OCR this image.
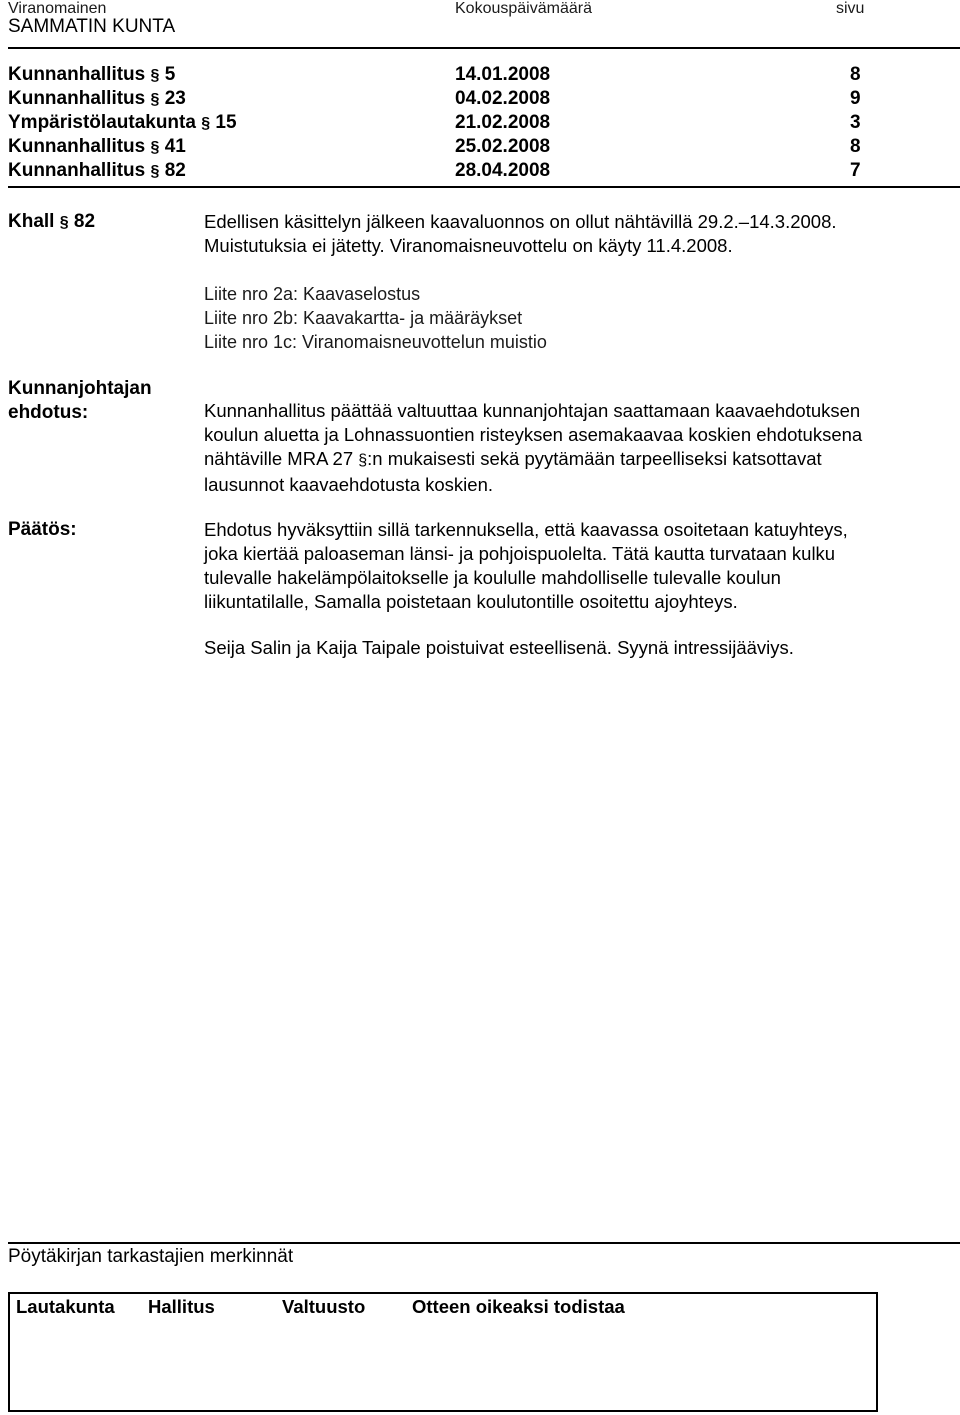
Viranomainen	Kokouspäivämäärä	sivu
SAMMATIN KUNTA
Kunnanhallitus § 5	14.01.2008	8
Kunnanhallitus § 23	04.02.2008	9
Ympäristölautakunta § 15	21.02.2008	3
Kunnanhallitus § 41	25.02.2008	8
Kunnanhallitus § 82	28.04.2008	7
Khall § 82	Edellisen käsittelyn jälkeen kaavaluonnos on ollut nähtävillä 29.2.–14.3.2008.
Muistutuksia ei jätetty. Viranomaisneuvottelu on käyty 11.4.2008.
Liite nro 2a: Kaavaselostus
Liite nro 2b: Kaavakartta- ja määräykset
Liite nro 1c: Viranomaisneuvottelun muistio
Kunnanjohtajan
ehdotus:	Kunnanhallitus päättää valtuuttaa kunnanjohtajan saattamaan kaavaehdotuksen
koulun aluetta ja Lohnassuontien risteyksen asemakaavaa koskien ehdotuksena
nähtäville MRA 27 §:n mukaisesti sekä pyytämään tarpeelliseksi katsottavat
lausunnot kaavaehdotusta koskien.
Päätös:	Ehdotus hyväksyttiin sillä tarkennuksella, että kaavassa osoitetaan katuyhteys,
joka kiertää paloaseman länsi- ja pohjoispuolelta. Tätä kautta turvataan kulku
tulevalle hakelämpölaitokselle ja koululle mahdolliselle tulevalle koulun
liikuntatilalle, Samalla poistetaan koulutontille osoitettu ajoyhteys.
Seija Salin ja Kaija Taipale poistuivat esteellisenä. Syynä intressijääviys.
Pöytäkirjan tarkastajien merkinnät
Lautakunta Hallitus	Valtuusto	Otteen oikeaksi todistaa
